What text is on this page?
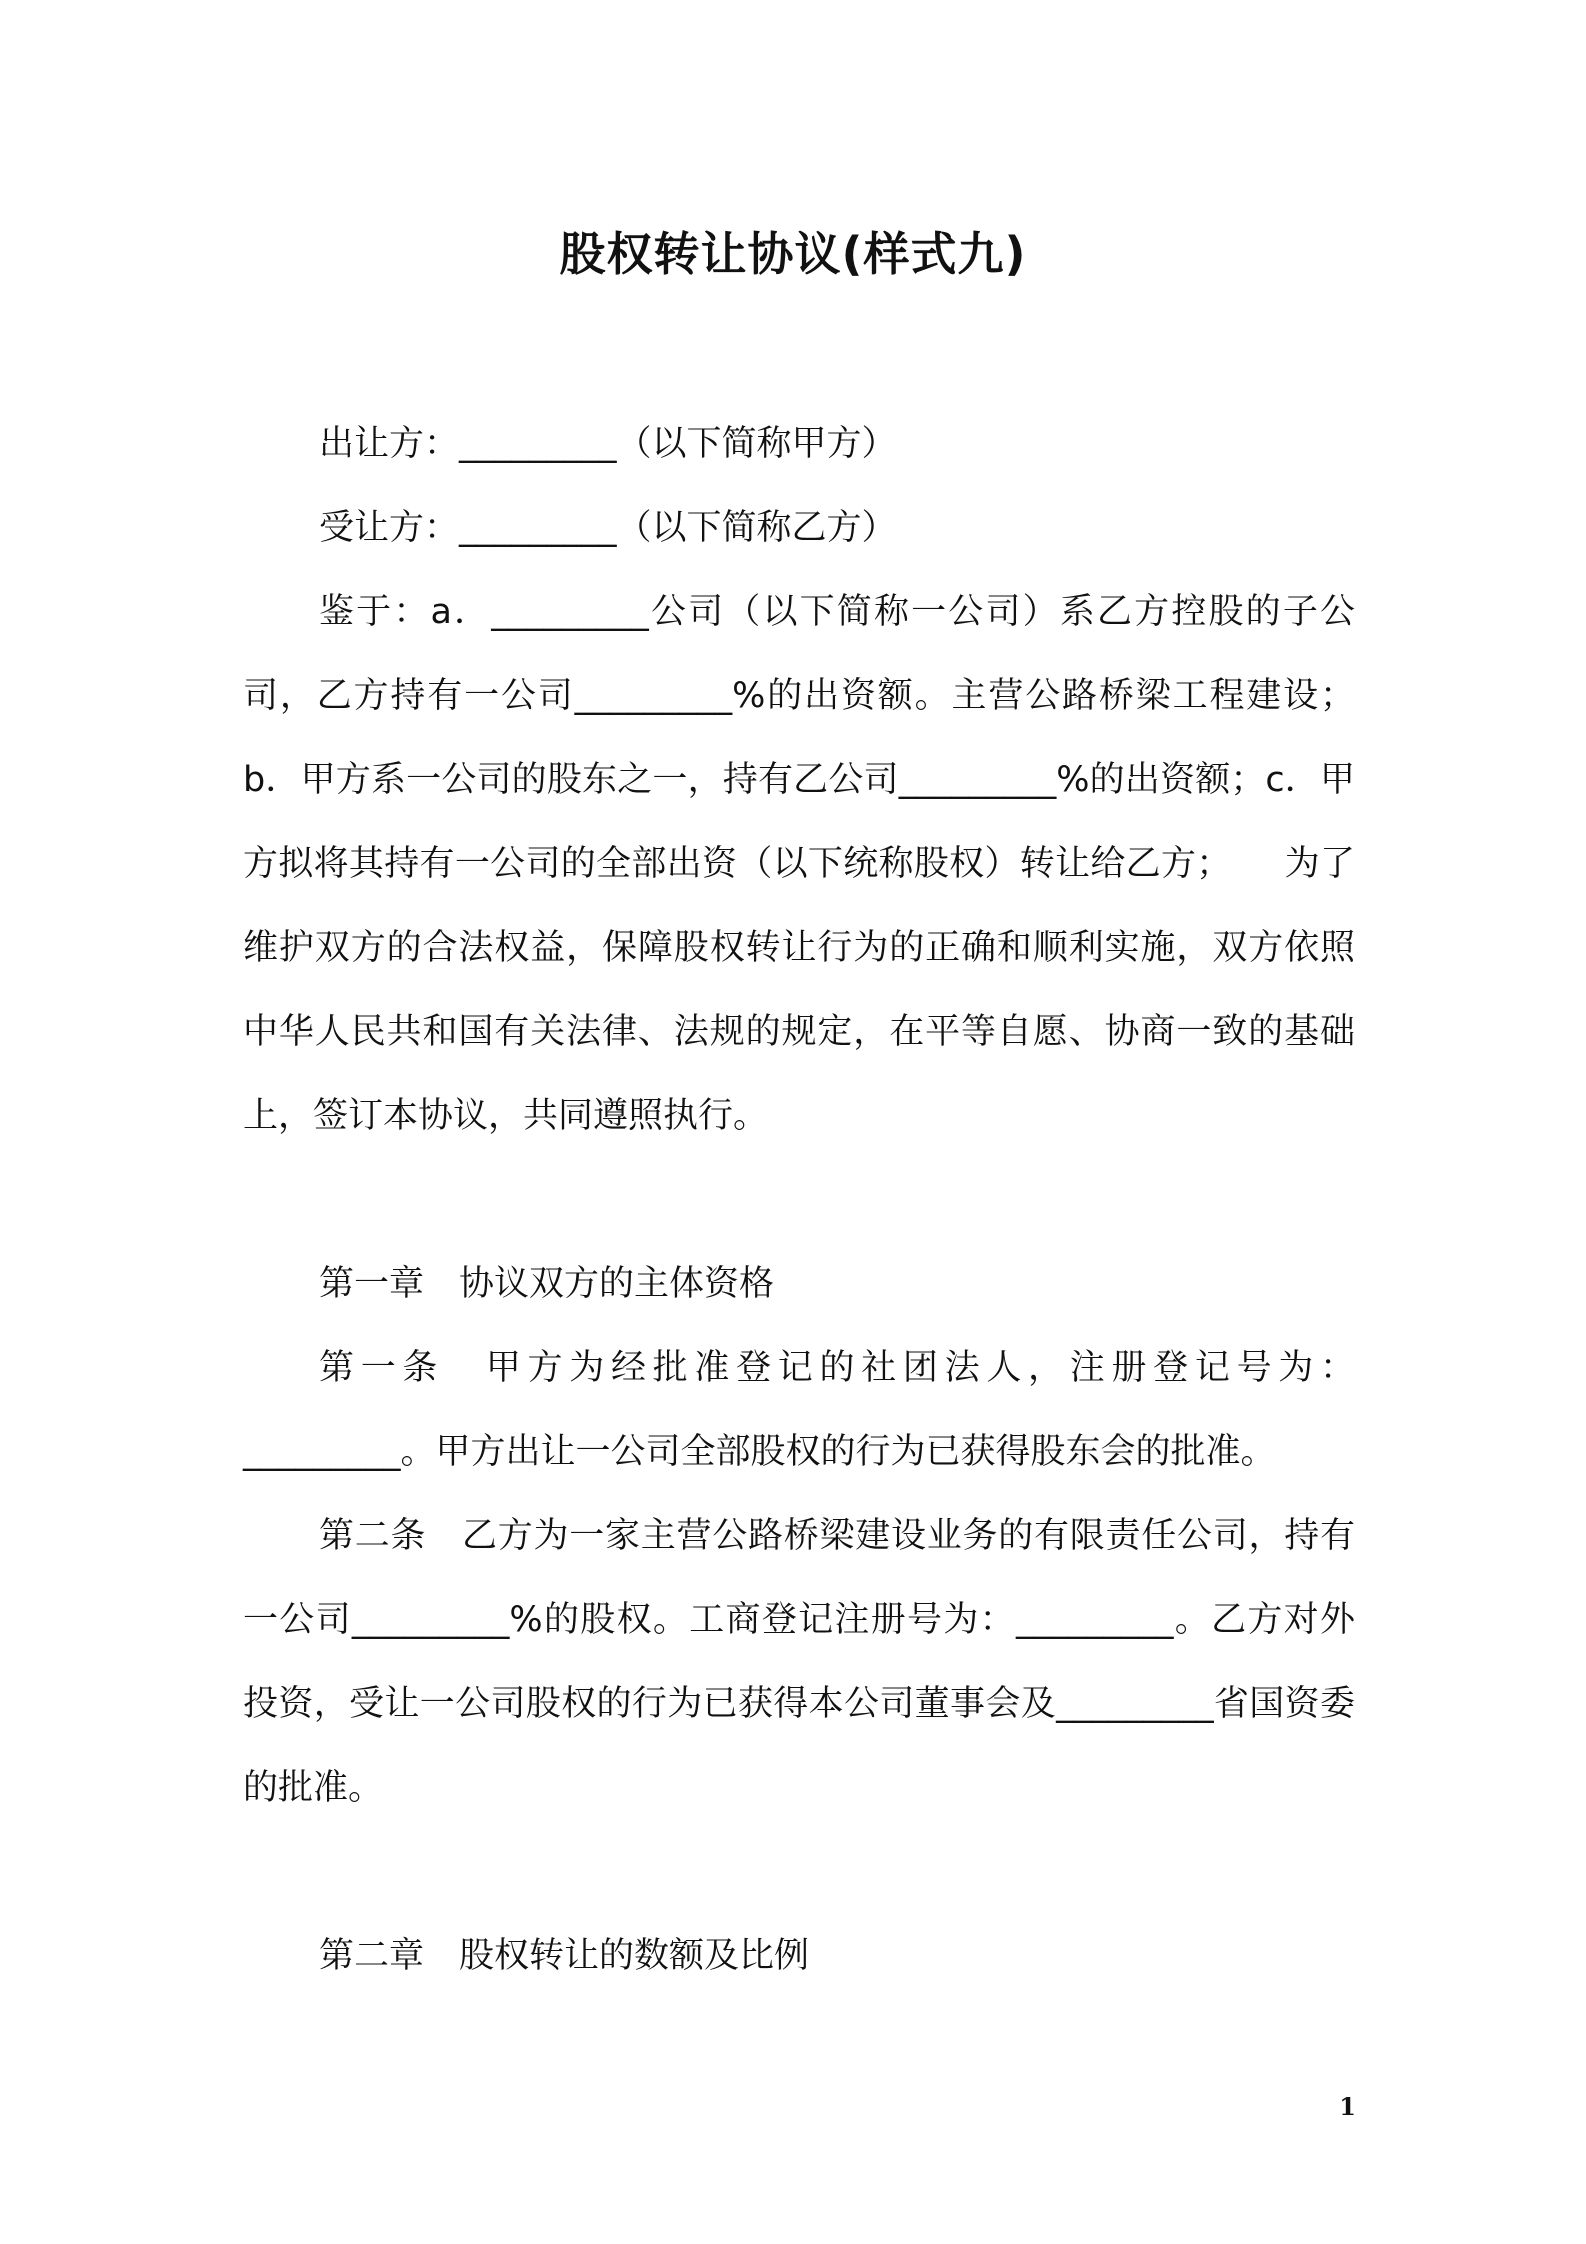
股权转让协议(样式九)

出让方：_________（以下简称甲方）

受让方：_________（以下简称乙方）

鉴于：a．_________公司（以下简称一公司）系乙方控股的子公司，乙方持有一公司_________%的出资额。主营公路桥梁工程建设；b．甲方系一公司的股东之一，持有乙公司_________%的出资额；c．甲方拟将其持有一公司的全部出资（以下统称股权）转让给乙方；　　为了维护双方的合法权益，保障股权转让行为的正确和顺利实施，双方依照中华人民共和国有关法律、法规的规定，在平等自愿、协商一致的基础上，签订本协议，共同遵照执行。

第一章　协议双方的主体资格

第一条　甲方为经批准登记的社团法人，注册登记号为：_________。甲方出让一公司全部股权的行为已获得股东会的批准。

第二条　乙方为一家主营公路桥梁建设业务的有限责任公司，持有一公司_________%的股权。工商登记注册号为：_________。乙方对外投资，受让一公司股权的行为已获得本公司董事会及_________省国资委的批准。

第二章　股权转让的数额及比例

1
